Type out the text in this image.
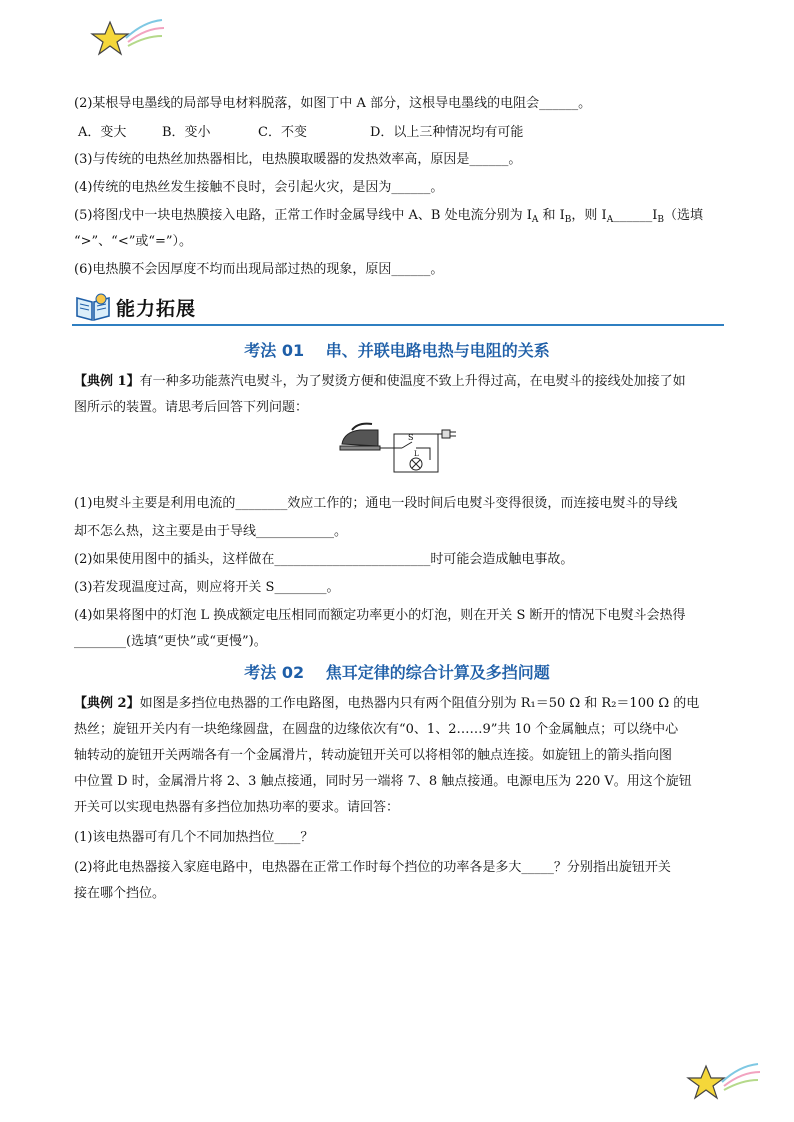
(2)某根导电墨线的局部导电材料脱落，如图丁中 A 部分，这根导电墨线的电阻会______。
A．变大	B．变小	C．不变	D．以上三种情况均有可能
(3)与传统的电热丝加热器相比，电热膜取暖器的发热效率高，原因是______。
(4)传统的电热丝发生接触不良时，会引起火灾，是因为______。
(5)将图戊中一块电热膜接入电路，正常工作时金属导线中 A、B 处电流分别为 $I_A$ 和 $I_B$，则 $I_A\_\_\_\_\_\_I_B$（选填
“>”、“<”或“=”）。
(6)电热膜不会因厚度不均而出现局部过热的现象，原因______。
能力拓展
考法 01　 串、并联电路电热与电阻的关系
【典例 1】有一种多功能蒸汽电熨斗，为了熨烫方便和使温度不致上升得过高，在电熨斗的接线处加接了如
图所示的装置。请思考后回答下列问题：
S
L
(1)电熨斗主要是利用电流的________效应工作的；通电一段时间后电熨斗变得很烫，而连接电熨斗的导线
却不怎么热，这主要是由于导线____________。
(2)如果使用图中的插头，这样做在________________________时可能会造成触电事故。
(3)若发现温度过高，则应将开关 S________。
(4)如果将图中的灯泡 L 换成额定电压相同而额定功率更小的灯泡，则在开关 S 断开的情况下电熨斗会热得
________(选填“更快”或“更慢”)。
考法 02　 焦耳定律的综合计算及多挡问题
【典例 2】如图是多挡位电热器的工作电路图，电热器内只有两个阻值分别为 R₁＝50 Ω 和 R₂＝100 Ω 的电
热丝；旋钮开关内有一块绝缘圆盘，在圆盘的边缘依次有“0、1、2……9”共 10 个金属触点；可以绕中心
轴转动的旋钮开关两端各有一个金属滑片，转动旋钮开关可以将相邻的触点连接。如旋钮上的箭头指向图
中位置 D 时，金属滑片将 2、3 触点接通，同时另一端将 7、8 触点接通。电源电压为 220 V。用这个旋钮
开关可以实现电热器有多挡位加热功率的要求。请回答：
(1)该电热器可有几个不同加热挡位____？
(2)将此电热器接入家庭电路中，电热器在正常工作时每个挡位的功率各是多大_____？分别指出旋钮开关
接在哪个挡位。
